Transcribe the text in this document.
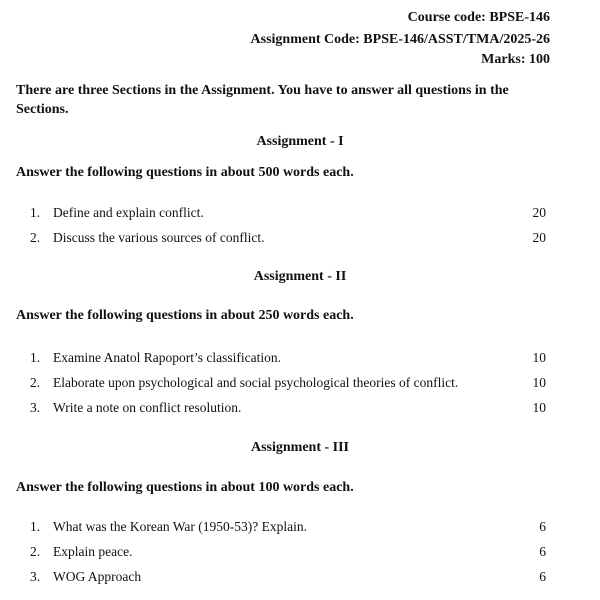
Course code: BPSE-146
Assignment Code: BPSE-146/ASST/TMA/2025-26
Marks: 100
There are three Sections in the Assignment. You have to answer all questions in the Sections.
Assignment - I
Answer the following questions in about 500 words each.
1. Define and explain conflict.	20
2. Discuss the various sources of conflict.	20
Assignment - II
Answer the following questions in about 250 words each.
1. Examine Anatol Rapoport’s classification.	10
2. Elaborate upon psychological and social psychological theories of conflict.	10
3. Write a note on conflict resolution.	10
Assignment - III
Answer the following questions in about 100 words each.
1. What was the Korean War (1950-53)? Explain.	6
2. Explain peace.	6
3. WOG Approach	6
